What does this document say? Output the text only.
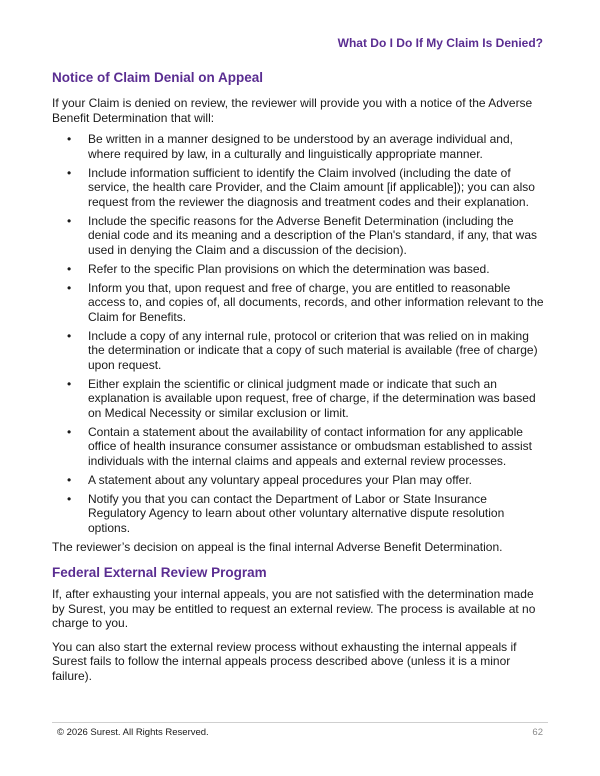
What Do I Do If My Claim Is Denied?
Notice of Claim Denial on Appeal

If your Claim is denied on review, the reviewer will provide you with a notice of the Adverse Benefit Determination that will:

• Be written in a manner designed to be understood by an average individual and, where required by law, in a culturally and linguistically appropriate manner.
• Include information sufficient to identify the Claim involved (including the date of service, the health care Provider, and the Claim amount [if applicable]); you can also request from the reviewer the diagnosis and treatment codes and their explanation.
• Include the specific reasons for the Adverse Benefit Determination (including the denial code and its meaning and a description of the Plan's standard, if any, that was used in denying the Claim and a discussion of the decision).
• Refer to the specific Plan provisions on which the determination was based.
• Inform you that, upon request and free of charge, you are entitled to reasonable access to, and copies of, all documents, records, and other information relevant to the Claim for Benefits.
• Include a copy of any internal rule, protocol or criterion that was relied on in making the determination or indicate that a copy of such material is available (free of charge) upon request.
• Either explain the scientific or clinical judgment made or indicate that such an explanation is available upon request, free of charge, if the determination was based on Medical Necessity or similar exclusion or limit.
• Contain a statement about the availability of contact information for any applicable office of health insurance consumer assistance or ombudsman established to assist individuals with the internal claims and appeals and external review processes.
• A statement about any voluntary appeal procedures your Plan may offer.
• Notify you that you can contact the Department of Labor or State Insurance Regulatory Agency to learn about other voluntary alternative dispute resolution options.

The reviewer’s decision on appeal is the final internal Adverse Benefit Determination.

Federal External Review Program

If, after exhausting your internal appeals, you are not satisfied with the determination made by Surest, you may be entitled to request an external review. The process is available at no charge to you.

You can also start the external review process without exhausting the internal appeals if Surest fails to follow the internal appeals process described above (unless it is a minor failure).

© 2026 Surest. All Rights Reserved.	62
